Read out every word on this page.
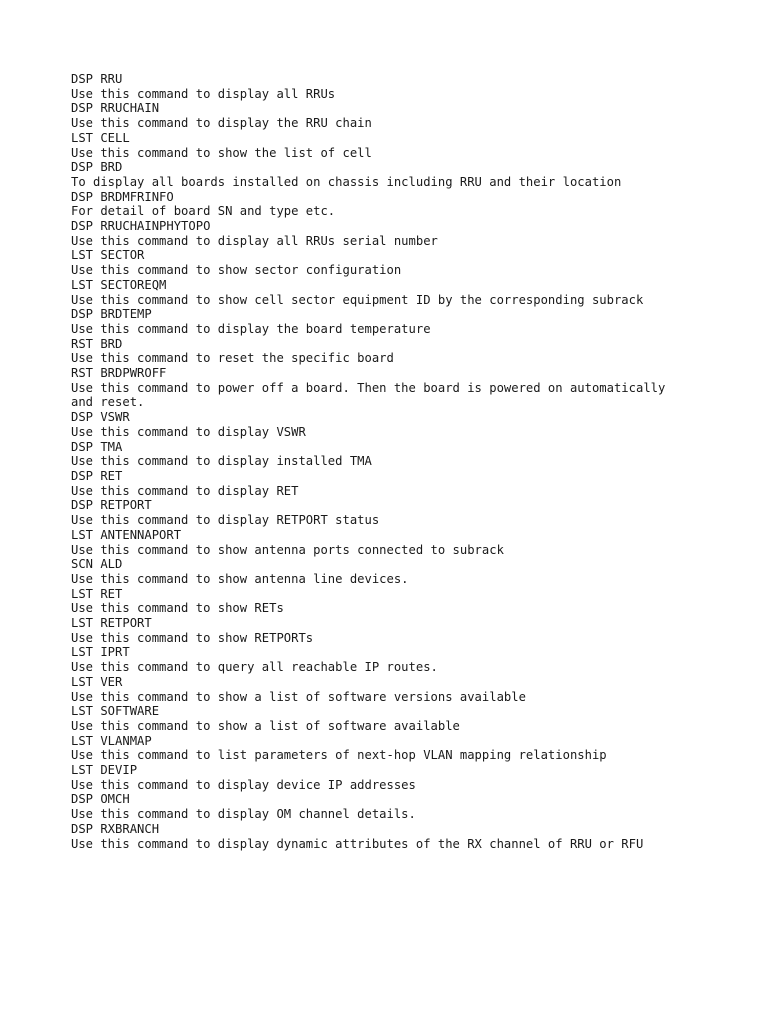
DSP RRU
Use this command to display all RRUs
DSP RRUCHAIN
Use this command to display the RRU chain
LST CELL
Use this command to show the list of cell
DSP BRD
To display all boards installed on chassis including RRU and their location
DSP BRDMFRINFO
For detail of board SN and type etc.
DSP RRUCHAINPHYTOPO
Use this command to display all RRUs serial number
LST SECTOR
Use this command to show sector configuration
LST SECTOREQM
Use this command to show cell sector equipment ID by the corresponding subrack
DSP BRDTEMP
Use this command to display the board temperature
RST BRD
Use this command to reset the specific board
RST BRDPWROFF
Use this command to power off a board. Then the board is powered on automatically
and reset.
DSP VSWR
Use this command to display VSWR
DSP TMA
Use this command to display installed TMA
DSP RET
Use this command to display RET
DSP RETPORT
Use this command to display RETPORT status
LST ANTENNAPORT
Use this command to show antenna ports connected to subrack
SCN ALD
Use this command to show antenna line devices.
LST RET
Use this command to show RETs
LST RETPORT
Use this command to show RETPORTs
LST IPRT
Use this command to query all reachable IP routes.
LST VER
Use this command to show a list of software versions available
LST SOFTWARE
Use this command to show a list of software available
LST VLANMAP
Use this command to list parameters of next-hop VLAN mapping relationship
LST DEVIP
Use this command to display device IP addresses
DSP OMCH
Use this command to display OM channel details.
DSP RXBRANCH
Use this command to display dynamic attributes of the RX channel of RRU or RFU
